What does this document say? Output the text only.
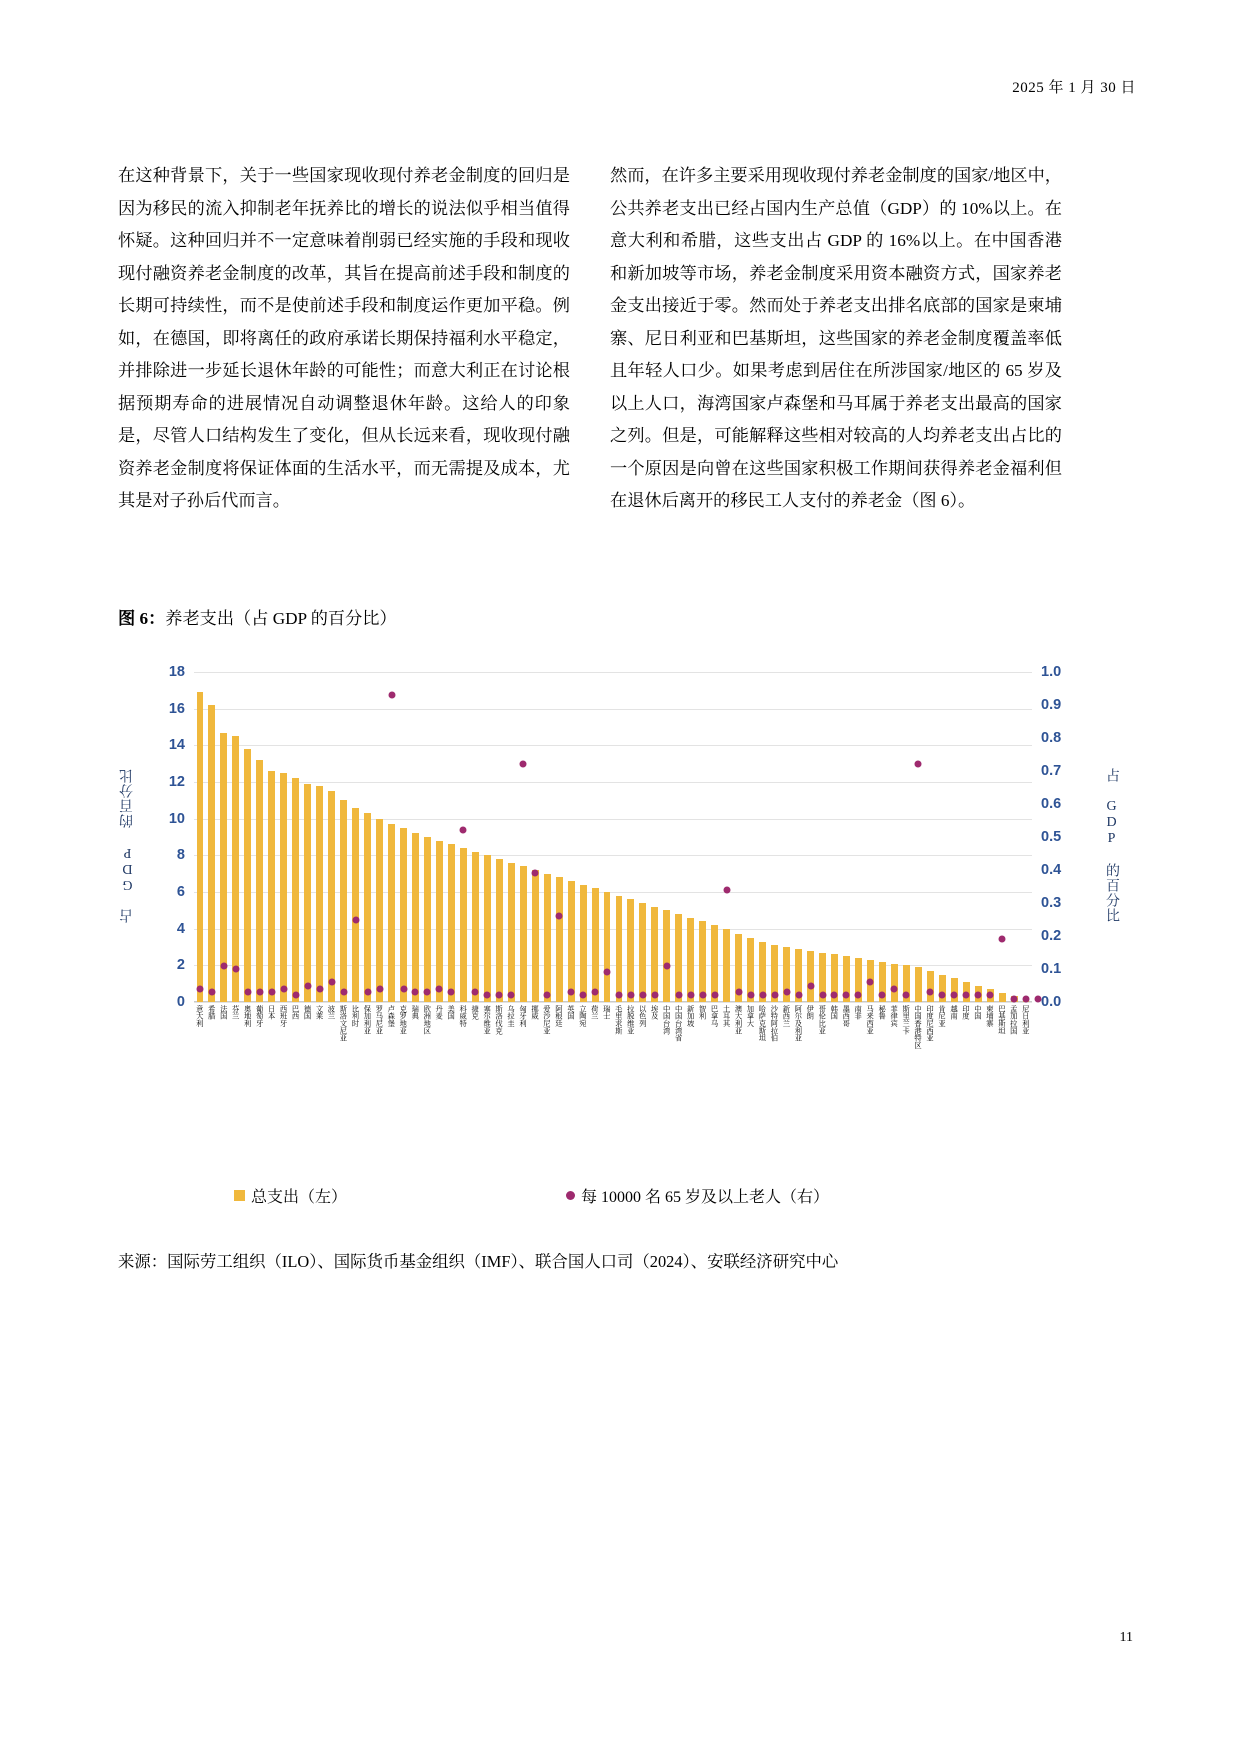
2025 年 1 月 30 日
在这种背景下，关于一些国家现收现付养老金制度的回归是因为移民的流入抑制老年抚养比的增长的说法似乎相当值得怀疑。这种回归并不一定意味着削弱已经实施的手段和现收现付融资养老金制度的改革，其旨在提高前述手段和制度的长期可持续性，而不是使前述手段和制度运作更加平稳。例如，在德国，即将离任的政府承诺长期保持福利水平稳定，并排除进一步延长退休年龄的可能性；而意大利正在讨论根据预期寿命的进展情况自动调整退休年龄。这给人的印象是，尽管人口结构发生了变化，但从长远来看，现收现付融资养老金制度将保证体面的生活水平，而无需提及成本，尤其是对子孙后代而言。
然而，在许多主要采用现收现付养老金制度的国家/地区中，公共养老支出已经占国内生产总值（GDP）的 10%以上。在意大利和希腊，这些支出占 GDP 的 16%以上。在中国香港和新加坡等市场，养老金制度采用资本融资方式，国家养老金支出接近于零。然而处于养老支出排名底部的国家是柬埔寨、尼日利亚和巴基斯坦，这些国家的养老金制度覆盖率低且年轻人口少。如果考虑到居住在所涉国家/地区的 65 岁及以上人口，海湾国家卢森堡和马耳属于养老支出最高的国家之列。但是，可能解释这些相对较高的人均养老支出占比的一个原因是向曾在这些国家积极工作期间获得养老金福利但在退休后离开的移民工人支付的养老金（图 6）。
图 6：养老支出（占 GDP 的百分比）
占 GDP 的百分比	占 GDP 的百分比
0
2
4
6
8
10
12
14
16
18
0.0
0.1
0.2
0.3
0.4
0.5
0.6
0.7
0.8
0.9
1.0
意大利 希腊 法国 芬兰 奥地利 葡萄牙 日本 西班牙 巴西 德国 文莱 波兰 斯洛文尼亚 比利时 保加利亚 罗马尼亚 卢森堡 克罗地亚 瑞典 欧洲地区 丹麦 美国 科威特 捷克 塞尔维亚 斯洛伐克 乌拉圭 匈牙利 挪威 爱沙尼亚 阿根廷 英国 立陶宛 荷兰 瑞士 毛里求斯 拉脱维亚 以色列 埃及 中国台湾 中国台湾省 新加坡 智利 巴拿马 土耳其 澳大利亚 加拿大 哈萨克斯坦 沙特阿拉伯 新西兰 阿尔及利亚 伊朗 哥伦比亚 韩国 墨西哥 南非 马来西亚 秘鲁 菲律宾 斯里兰卡 中国香港特区 印度尼西亚 肯尼亚 越南 印度 中国 柬埔寨 巴基斯坦 孟加拉国 尼日利亚
总支出（左）	每 10000 名 65 岁及以上老人（右）
来源：国际劳工组织（ILO）、国际货币基金组织（IMF）、联合国人口司（2024）、安联经济研究中心
11
